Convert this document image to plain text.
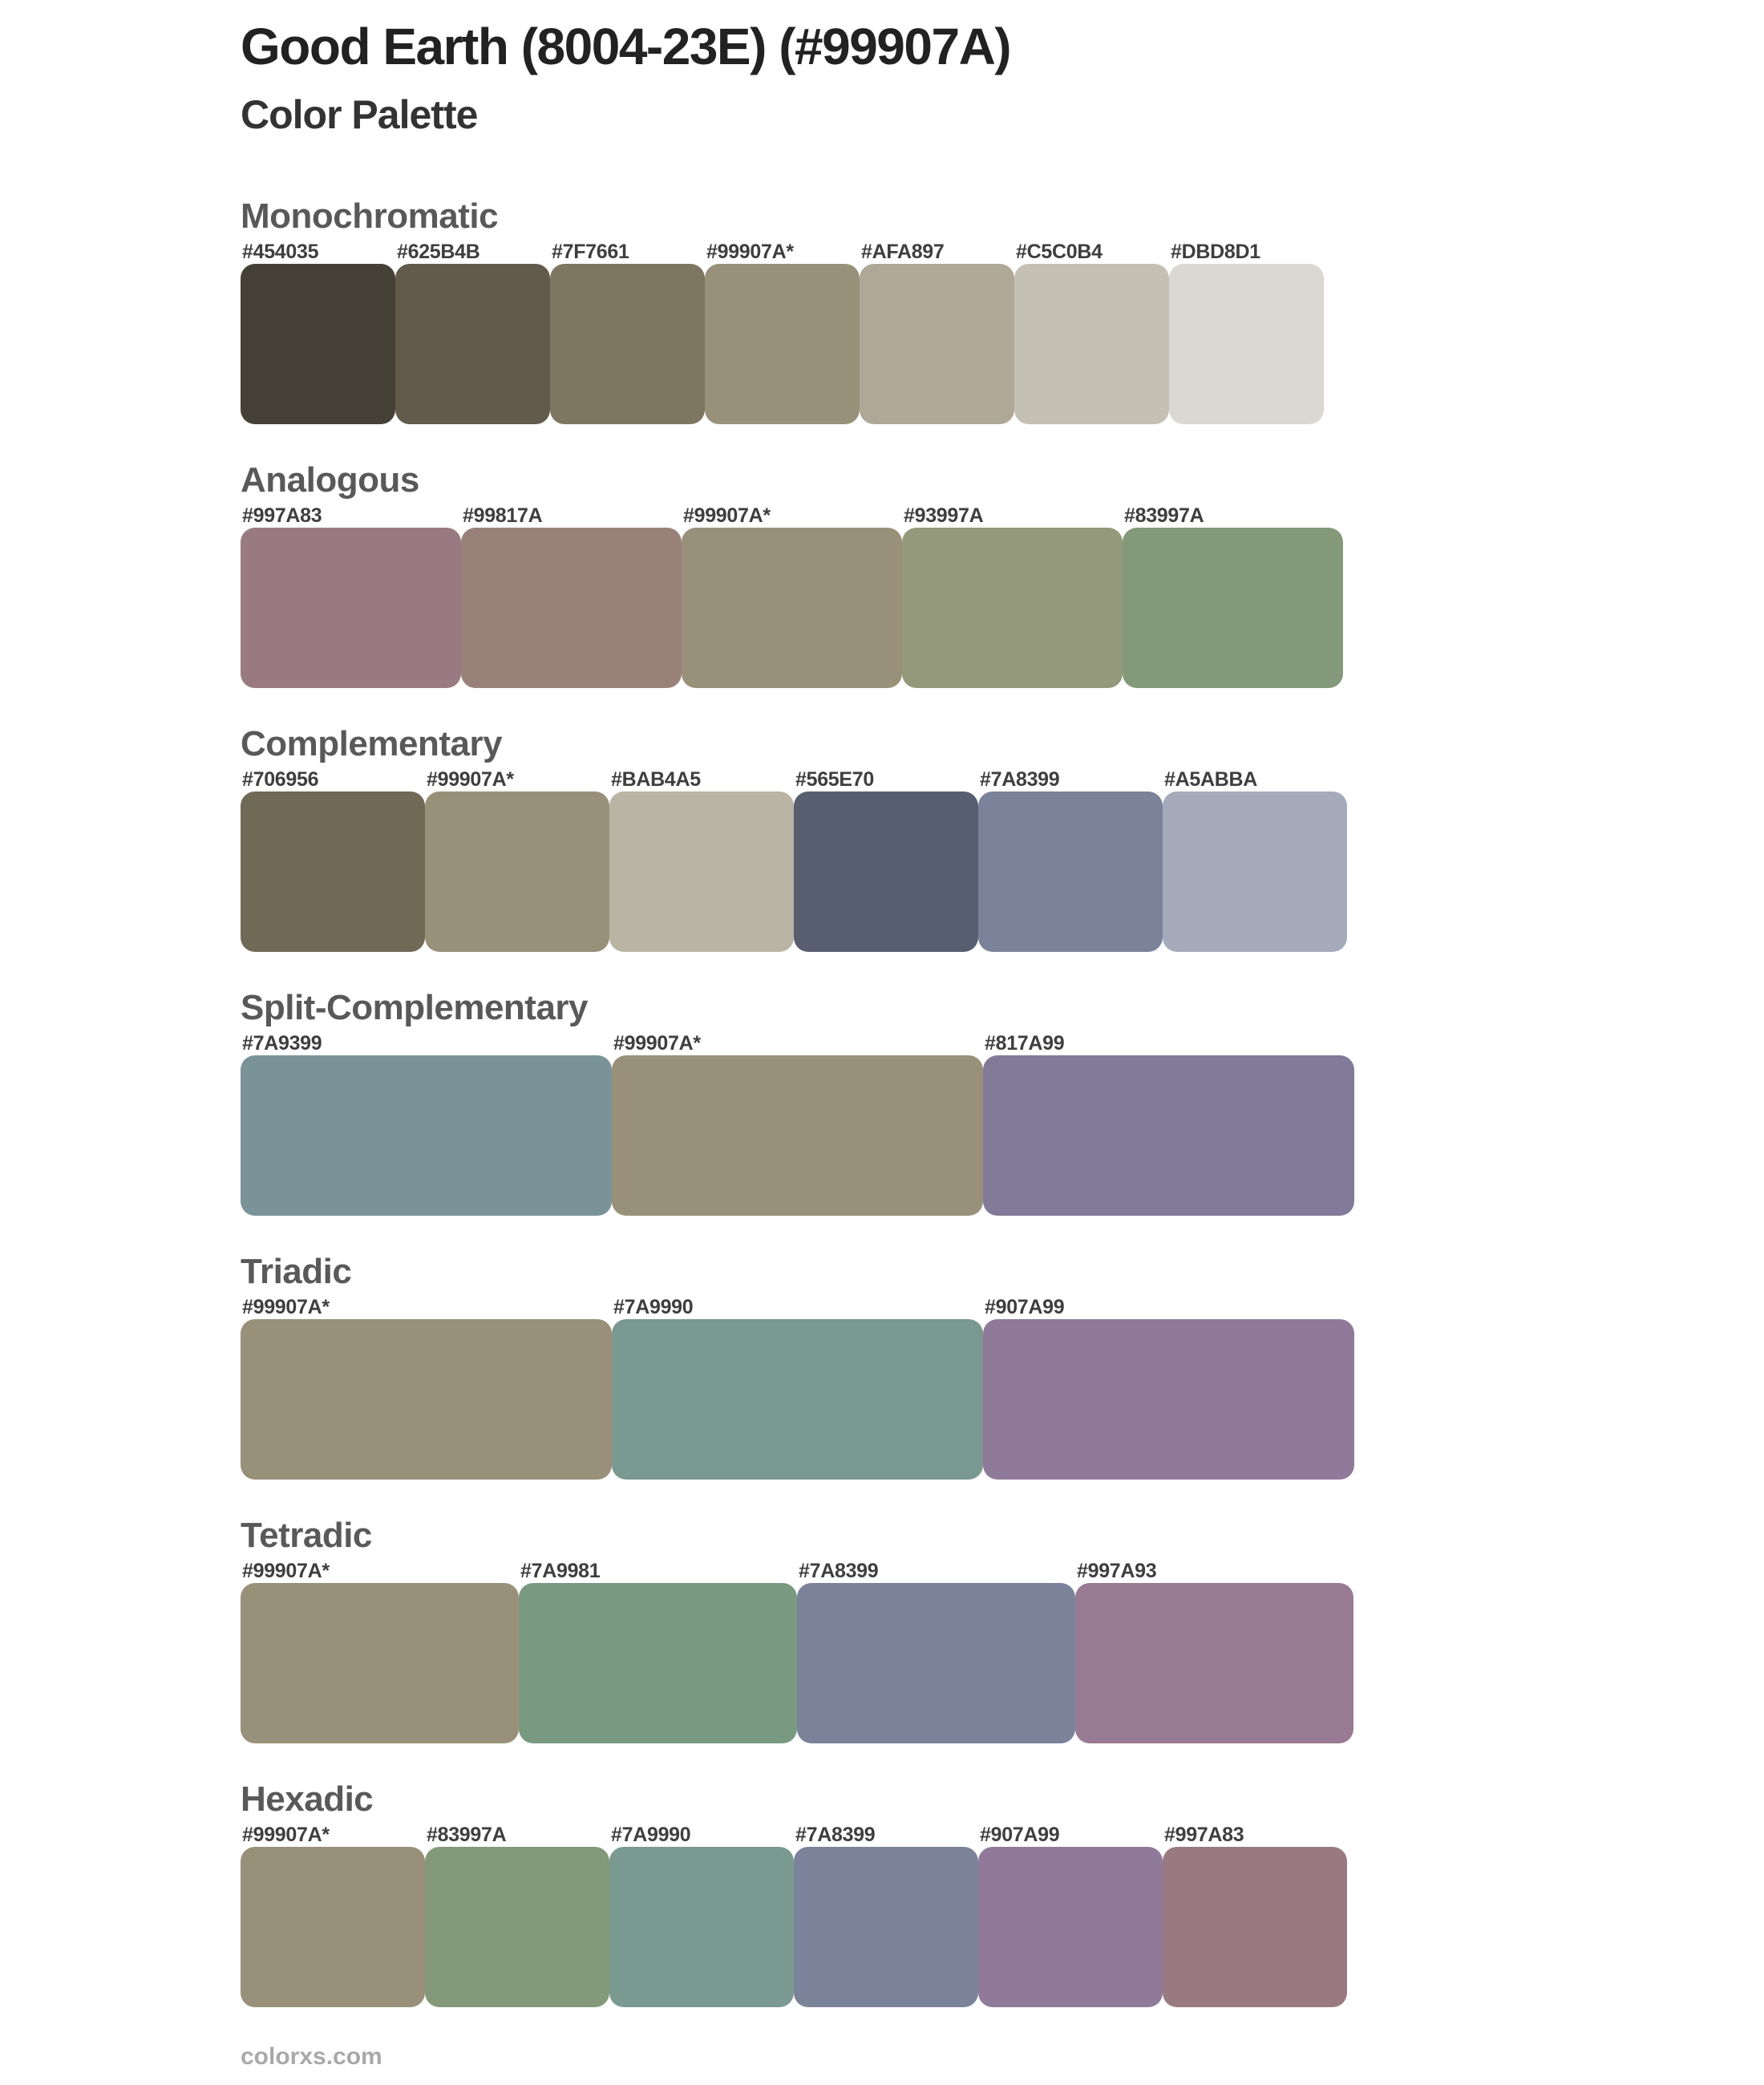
Good Earth (8004-23E) (#99907A)
Color Palette
Monochromatic
#454035	#625B4B	#7F7661	#99907A*	#AFA897	#C5C0B4	#DBD8D1
Analogous
#997A83	#99817A	#99907A*	#93997A	#83997A
Complementary
#706956	#99907A*	#BAB4A5	#565E70	#7A8399	#A5ABBA
Split-Complementary
#7A9399	#99907A*	#817A99
Triadic
#99907A*	#7A9990	#907A99
Tetradic
#99907A*	#7A9981	#7A8399	#997A93
Hexadic
#99907A*	#83997A	#7A9990	#7A8399	#907A99	#997A83
colorxs.com
